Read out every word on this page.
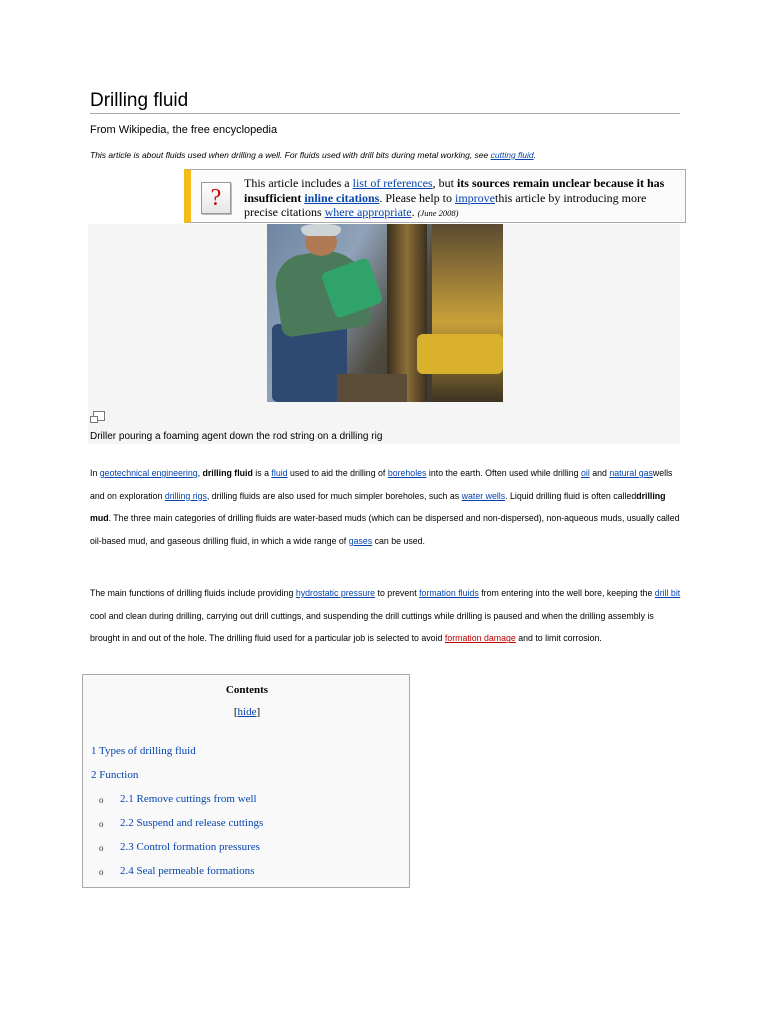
Drilling fluid
From Wikipedia, the free encyclopedia
This article is about fluids used when drilling a well. For fluids used with drill bits during metal working, see cutting fluid.
?
This article includes a list of references, but its sources remain unclear because it has insufficient inline citations. Please help to improvethis article by introducing more precise citations where appropriate. (June 2008)
Driller pouring a foaming agent down the rod string on a drilling rig
In geotechnical engineering, drilling fluid is a fluid used to aid the drilling of boreholes into the earth. Often used while drilling oil and natural gaswells and on exploration drilling rigs, drilling fluids are also used for much simpler boreholes, such as water wells. Liquid drilling fluid is often calleddrilling mud. The three main categories of drilling fluids are water-based muds (which can be dispersed and non-dispersed), non-aqueous muds, usually called oil-based mud, and gaseous drilling fluid, in which a wide range of gases can be used.
The main functions of drilling fluids include providing hydrostatic pressure to prevent formation fluids from entering into the well bore, keeping the drill bit cool and clean during drilling, carrying out drill cuttings, and suspending the drill cuttings while drilling is paused and when the drilling assembly is brought in and out of the hole. The drilling fluid used for a particular job is selected to avoid formation damage and to limit corrosion.
Contents
[hide]
1 Types of drilling fluid
2 Function
o 2.1 Remove cuttings from well
o 2.2 Suspend and release cuttings
o 2.3 Control formation pressures
o 2.4 Seal permeable formations
